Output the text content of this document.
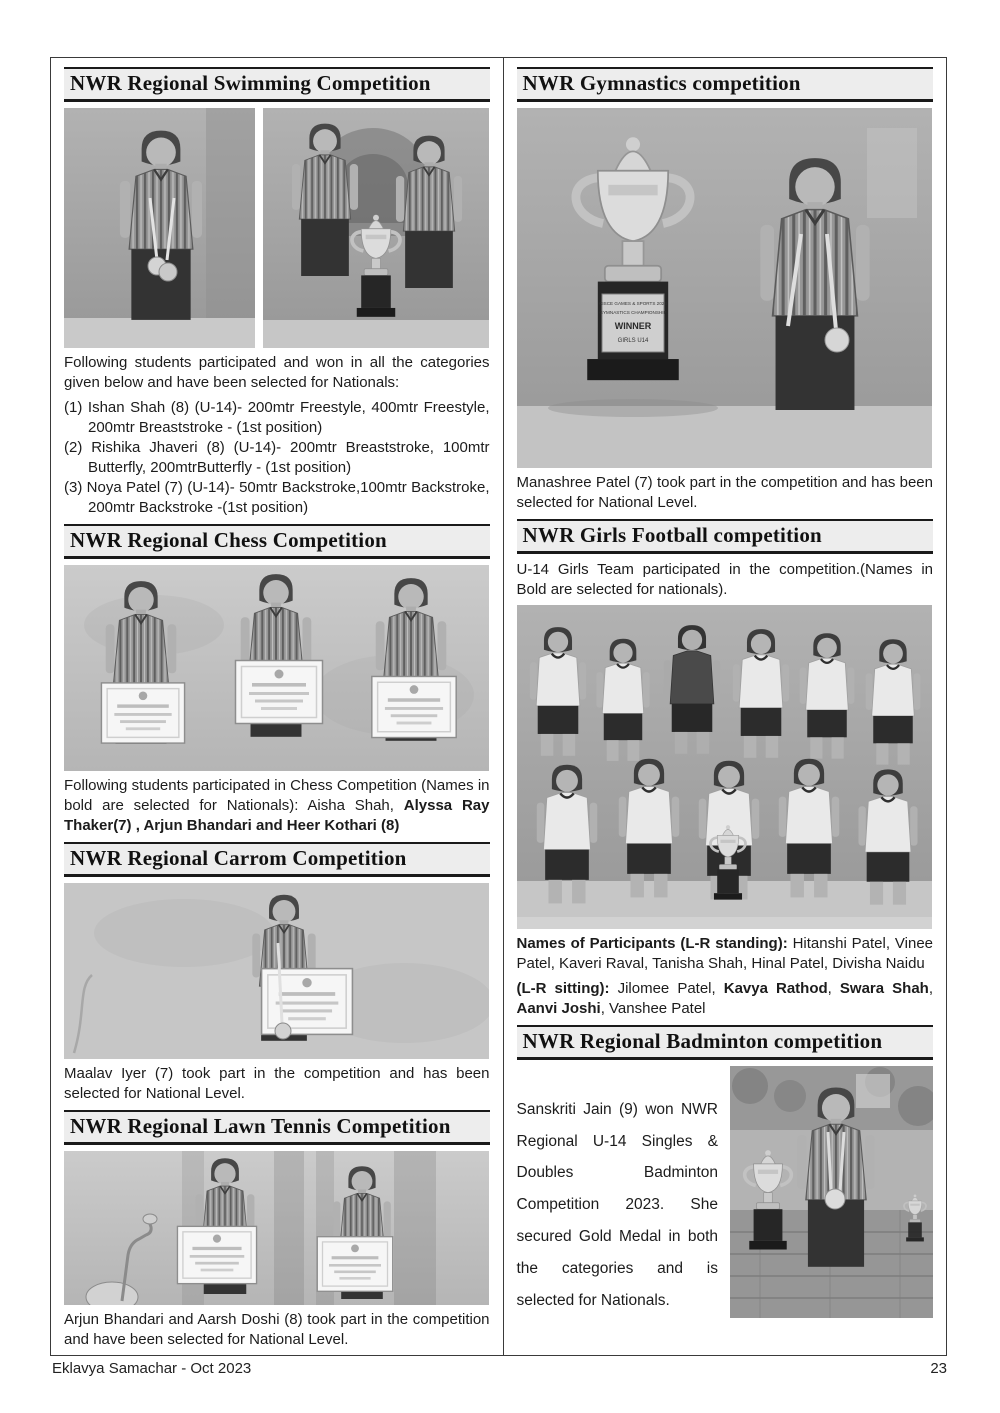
NWR Regional Swimming Competition

Following students participated and won in all the categories given below and have been selected for Nationals:

(1) Ishan Shah (8) (U-14)- 200mtr Freestyle, 400mtr Freestyle, 200mtr Breaststroke - (1st position)

(2) Rishika Jhaveri (8) (U-14)- 200mtr Breaststroke, 100mtr Butterfly, 200mtrButterfly - (1st position)

(3) Noya Patel (7) (U-14)- 50mtr Backstroke,100mtr Backstroke, 200mtr Backstroke -(1st position)

NWR Regional Chess Competition

Following students participated in Chess Competition (Names in bold are selected for Nationals): Aisha Shah, Alyssa Ray Thaker(7) , Arjun Bhandari and Heer Kothari (8)

NWR Regional Carrom Competition

Maalav Iyer (7) took part in the competition and has been selected for National Level.

NWR Regional Lawn Tennis Competition

Arjun Bhandari and Aarsh Doshi (8) took part in the competition and have been selected for National Level.

NWR Gymnastics competition
CISCE GAMES & SPORTS 2023
GYMNASTICS CHAMPIONSHIP
WINNER
GIRLS U14

Manashree Patel (7) took part in the competition and has been selected for National Level.

NWR Girls Football competition

U-14 Girls Team participated in the competition.(Names in Bold are selected for nationals).

Names of Participants (L-R standing): Hitanshi Patel, Vinee Patel, Kaveri Raval, Tanisha Shah, Hinal Patel, Divisha Naidu

(L-R sitting): Jilomee Patel, Kavya Rathod, Swara Shah, Aanvi Joshi, Vanshee Patel

NWR Regional Badminton competition

Sanskriti Jain (9) won NWR Regional U-14 Singles & Doubles Badminton Competition 2023. She secured Gold Medal in both the categories and is selected for Nationals.

Eklavya Samachar - Oct 2023	23
